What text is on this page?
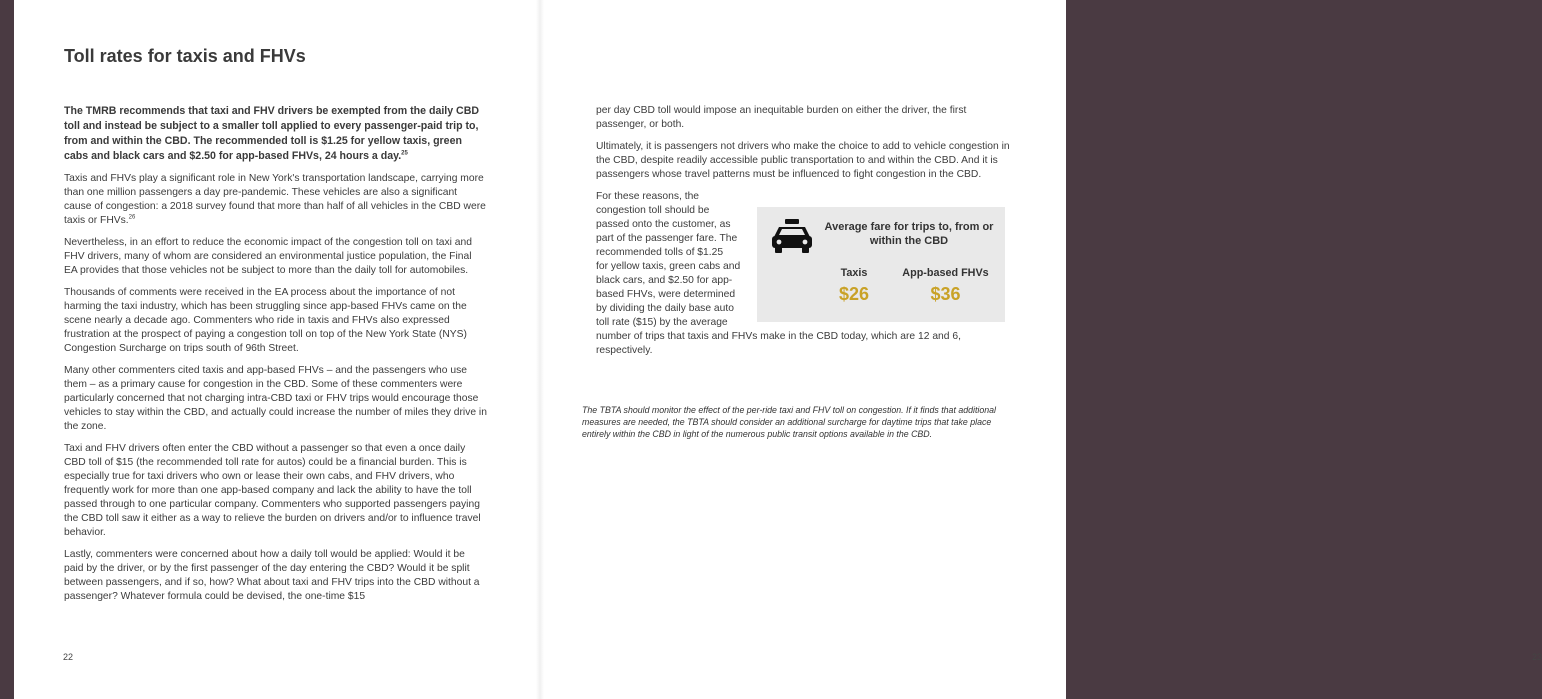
Toll rates for taxis and FHVs

The TMRB recommends that taxi and FHV drivers be exempted from the daily CBD toll and instead be subject to a smaller toll applied to every passenger-paid trip to, from and within the CBD. The recommended toll is $1.25 for yellow taxis, green cabs and black cars and $2.50 for app-based FHVs, 24 hours a day.$^{25}$

Taxis and FHVs play a significant role in New York's transportation landscape, carrying more than one million passengers a day pre-pandemic. These vehicles are also a significant cause of congestion: a 2018 survey found that more than half of all vehicles in the CBD were taxis or FHVs.$^{26}$

Nevertheless, in an effort to reduce the economic impact of the congestion toll on taxi and FHV drivers, many of whom are considered an environmental justice population, the Final EA provides that those vehicles not be subject to more than the daily toll for automobiles.

Thousands of comments were received in the EA process about the importance of not harming the taxi industry, which has been struggling since app-based FHVs came on the scene nearly a decade ago. Commenters who ride in taxis and FHVs also expressed frustration at the prospect of paying a congestion toll on top of the New York State (NYS) Congestion Surcharge on trips south of 96th Street.

Many other commenters cited taxis and app-based FHVs – and the passengers who use them – as a primary cause for congestion in the CBD. Some of these commenters were particularly concerned that not charging intra-CBD taxi or FHV trips would encourage those vehicles to stay within the CBD, and actually could increase the number of miles they drive in the zone.

Taxi and FHV drivers often enter the CBD without a passenger so that even a once daily CBD toll of $15 (the recommended toll rate for autos) could be a financial burden. This is especially true for taxi drivers who own or lease their own cabs, and FHV drivers, who frequently work for more than one app-based company and lack the ability to have the toll passed through to one particular company. Commenters who supported passengers paying the CBD toll saw it either as a way to relieve the burden on drivers and/or to influence travel behavior.

Lastly, commenters were concerned about how a daily toll would be applied: Would it be paid by the driver, or by the first passenger of the day entering the CBD? Would it be split between passengers, and if so, how? What about taxi and FHV trips into the CBD without a passenger? Whatever formula could be devised, the one-time $15

22

per day CBD toll would impose an inequitable burden on either the driver, the first passenger, or both.

Ultimately, it is passengers not drivers who make the choice to add to vehicle congestion in the CBD, despite readily accessible public transportation to and within the CBD. And it is passengers whose travel patterns must be influenced to fight congestion in the CBD.

For these reasons, the
congestion toll should be
passed onto the customer, as
part of the passenger fare. The
recommended tolls of $1.25
for yellow taxis, green cabs and
black cars, and $2.50 for app-
based FHVs, were determined
by dividing the daily base auto
toll rate ($15) by the average
number of trips that taxis and FHVs make in the CBD today, which are 12 and 6, respectively.

23
Average fare for trips to, from or within the CBD
Taxis
$26
App-based FHVs
$36
The TBTA should monitor the effect of the per-ride taxi and FHV toll on congestion. If it finds that additional measures are needed, the TBTA should consider an additional surcharge for daytime trips that take place entirely within the CBD in light of the numerous public transit options available in the CBD.
